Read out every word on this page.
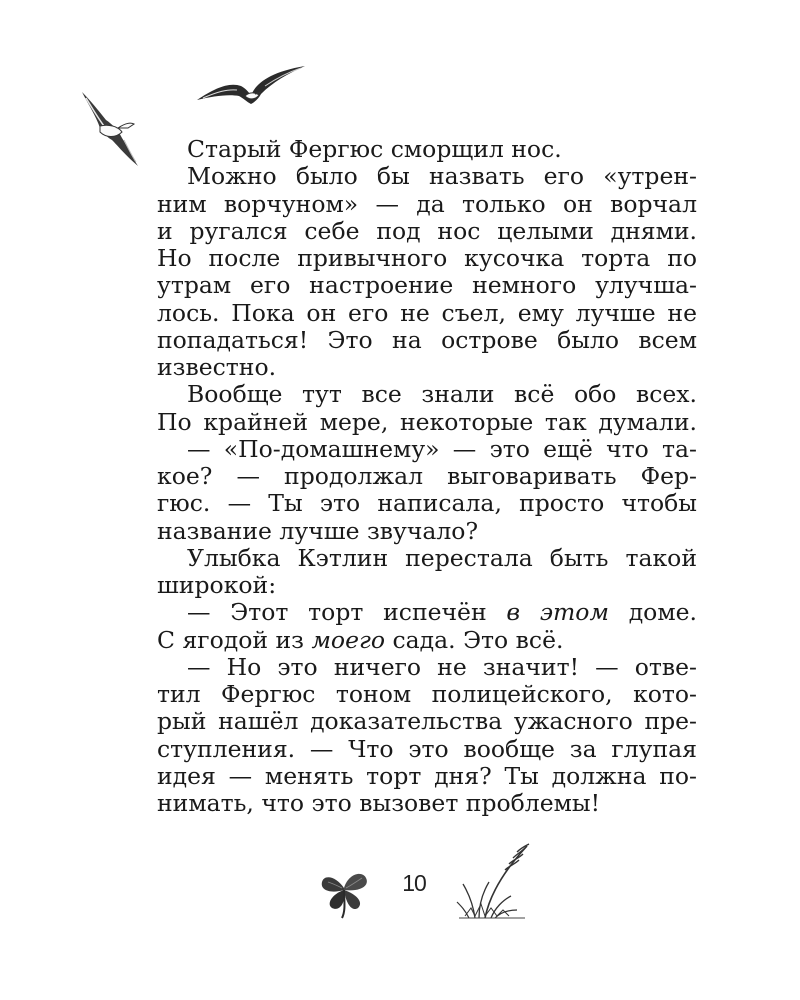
Старый Фергюс сморщил нос.
Можно было бы назвать его «утрен-
ним ворчуном» — да только он ворчал
и ругался себе под нос целыми днями.
Но после привычного кусочка торта по
утрам его настроение немного улучша-
лось. Пока он его не съел, ему лучше не
попадаться! Это на острове было всем
известно.
Вообще тут все знали всё обо всех.
По крайней мере, некоторые так думали.
— «По-домашнему» — это ещё что та-
кое? — продолжал выговаривать Фер-
гюс. — Ты это написала, просто чтобы
название лучше звучало?
Улыбка Кэтлин перестала быть такой
широкой:
— Этот торт испечён в этом доме.
С ягодой из моего сада. Это всё.
— Но это ничего не значит! — отве-
тил Фергюс тоном полицейского, кото-
рый нашёл доказательства ужасного пре-
ступления. — Что это вообще за глупая
идея — менять торт дня? Ты должна по-
нимать, что это вызовет проблемы!
10
